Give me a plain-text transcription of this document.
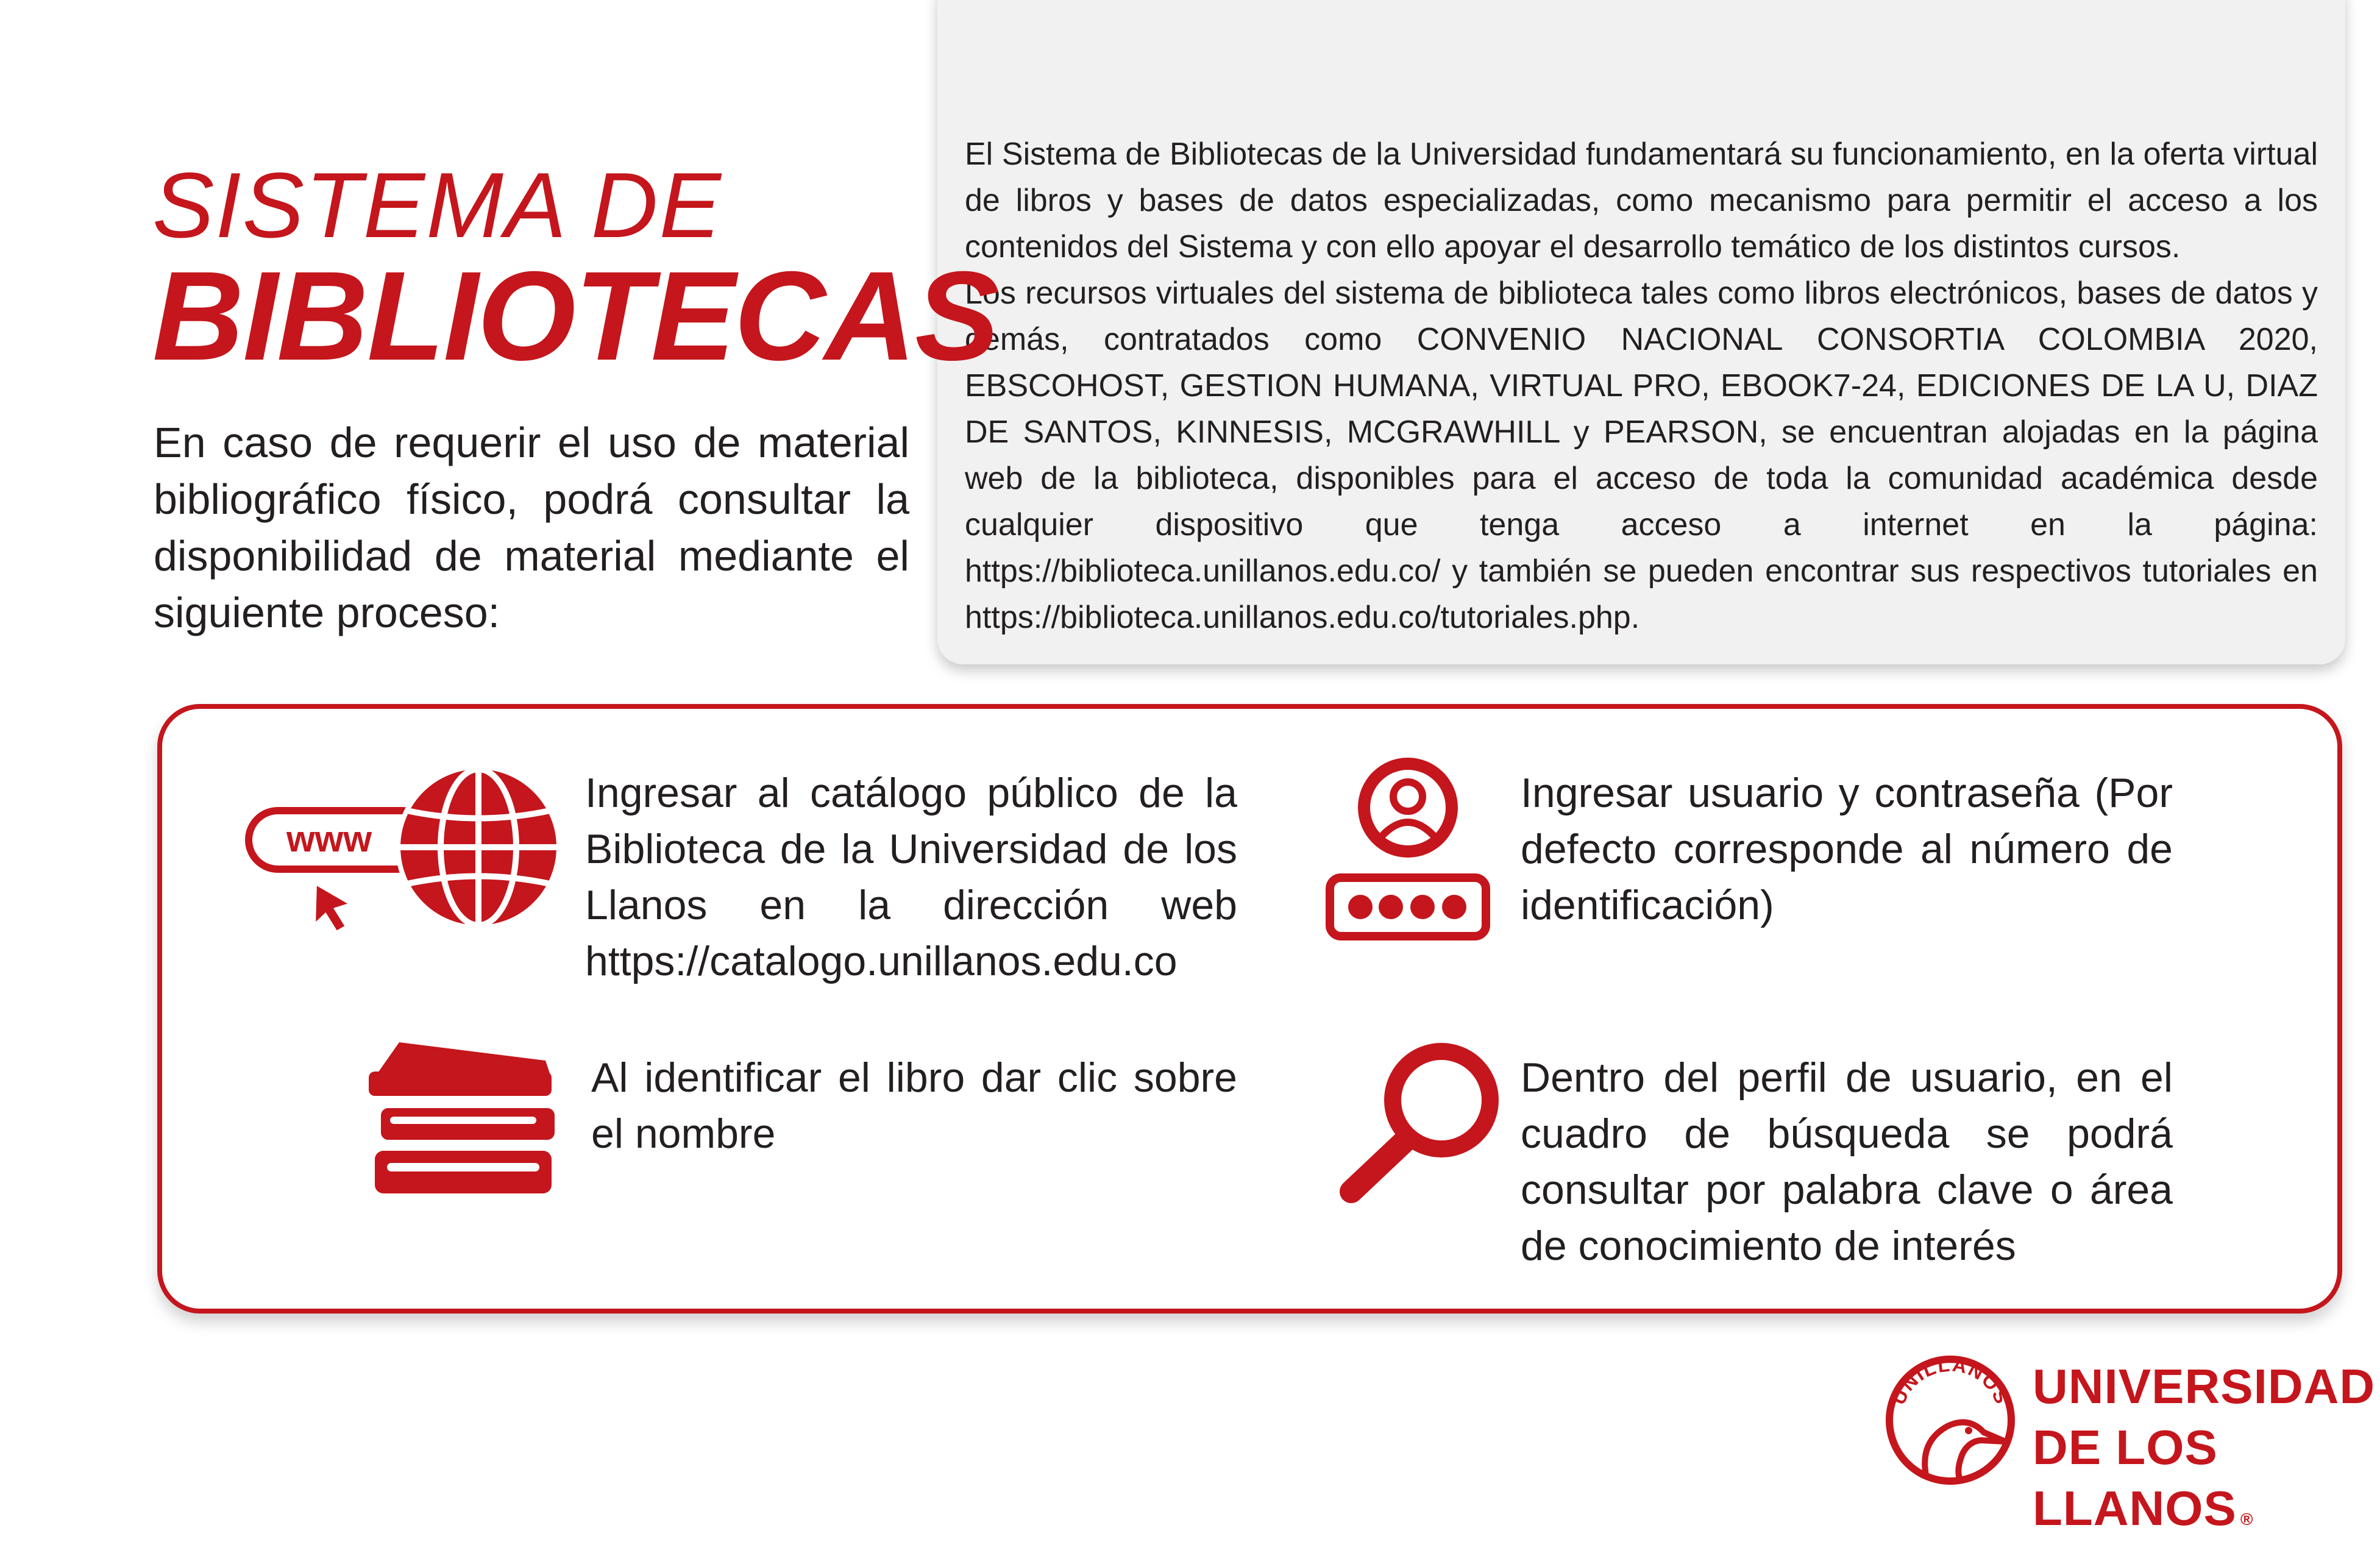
El Sistema de Bibliotecas de la Universidad fundamentará su funcionamiento, en la oferta virtual de libros y bases de datos especializadas, como mecanismo para permitir el acceso a los contenidos del Sistema y con ello apoyar el desarrollo temático de los distintos cursos.

Los recursos virtuales del sistema de biblioteca tales como libros electrónicos, bases de datos y demás, contratados como CONVENIO NACIONAL CONSORTIA COLOMBIA 2020, EBSCOHOST, GESTION HUMANA, VIRTUAL PRO, EBOOK7-24, EDICIONES DE LA U, DIAZ DE SANTOS, KINNESIS, MCGRAWHILL y PEARSON, se encuentran alojadas en la página web de la biblioteca, disponibles para el acceso de toda la comunidad académica desde cualquier dispositivo que tenga acceso a internet en la página: https://biblioteca.unillanos.edu.co/ y también se pueden encontrar sus respectivos tutoriales en

https://biblioteca.unillanos.edu.co/tutoriales.php.

SISTEMA DE
BIBLIOTECAS
En caso de requerir el uso de material bibliográfico físico, podrá consultar la disponibilidad de material mediante el siguiente proceso:
www
Ingresar al catálogo público de la Biblioteca de la Universidad de los Llanos en la dirección web https://catalogo.unillanos.edu.co
Ingresar usuario y contraseña (Por defecto corresponde al número de identificación)
Al identificar el libro dar clic sobre el nombre
Dentro del perfil de usuario, en el cuadro de búsqueda se podrá consultar por palabra clave o área de conocimiento de interés
UNILLANOS UNIVERSIDAD
DE LOS LLANOS ®
